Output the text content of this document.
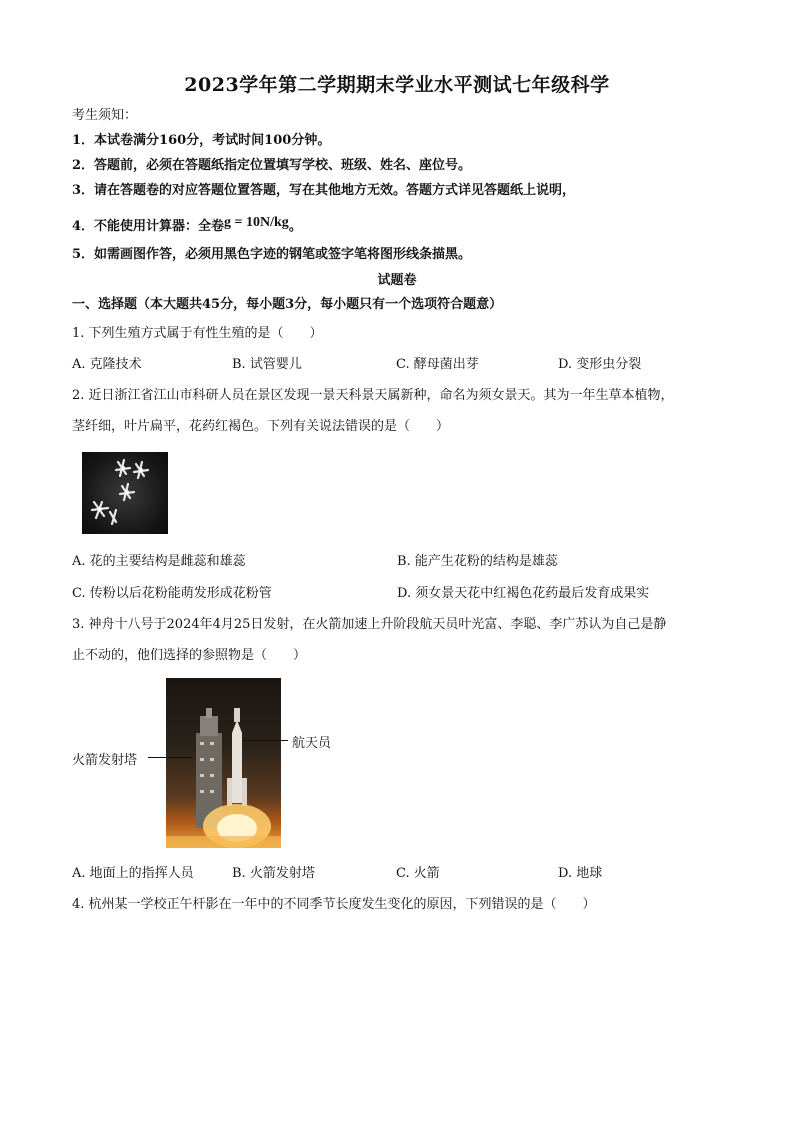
2023学年第二学期期末学业水平测试七年级科学
考生须知：
1．本试卷满分160分，考试时间100分钟。
2．答题前，必须在答题纸指定位置填写学校、班级、姓名、座位号。
3．请在答题卷的对应答题位置答题，写在其他地方无效。答题方式详见答题纸上说明，
4．不能使用计算器：全卷g = 10N/kg。
5．如需画图作答，必须用黑色字迹的钢笔或签字笔将图形线条描黑。
试题卷
一、选择题（本大题共45分，每小题3分，每小题只有一个选项符合题意）
1. 下列生殖方式属于有性生殖的是（　　）
A. 克隆技术	B. 试管婴儿	C. 酵母菌出芽	D. 变形虫分裂
2. 近日浙江省江山市科研人员在景区发现一景天科景天属新种，命名为须女景天。其为一年生草本植物，
茎纤细，叶片扁平，花药红褐色。下列有关说法错误的是（　　）
A. 花的主要结构是雌蕊和雄蕊	B. 能产生花粉的结构是雄蕊
C. 传粉以后花粉能萌发形成花粉管	D. 须女景天花中红褐色花药最后发育成果实
3. 神舟十八号于2024年4月25日发射，在火箭加速上升阶段航天员叶光富、李聪、李广苏认为自己是静
止不动的，他们选择的参照物是（　　）
火箭发射塔
航天员
A. 地面上的指挥人员	B. 火箭发射塔	C. 火箭	D. 地球
4. 杭州某一学校正午杆影在一年中的不同季节长度发生变化的原因，下列错误的是（　　）
